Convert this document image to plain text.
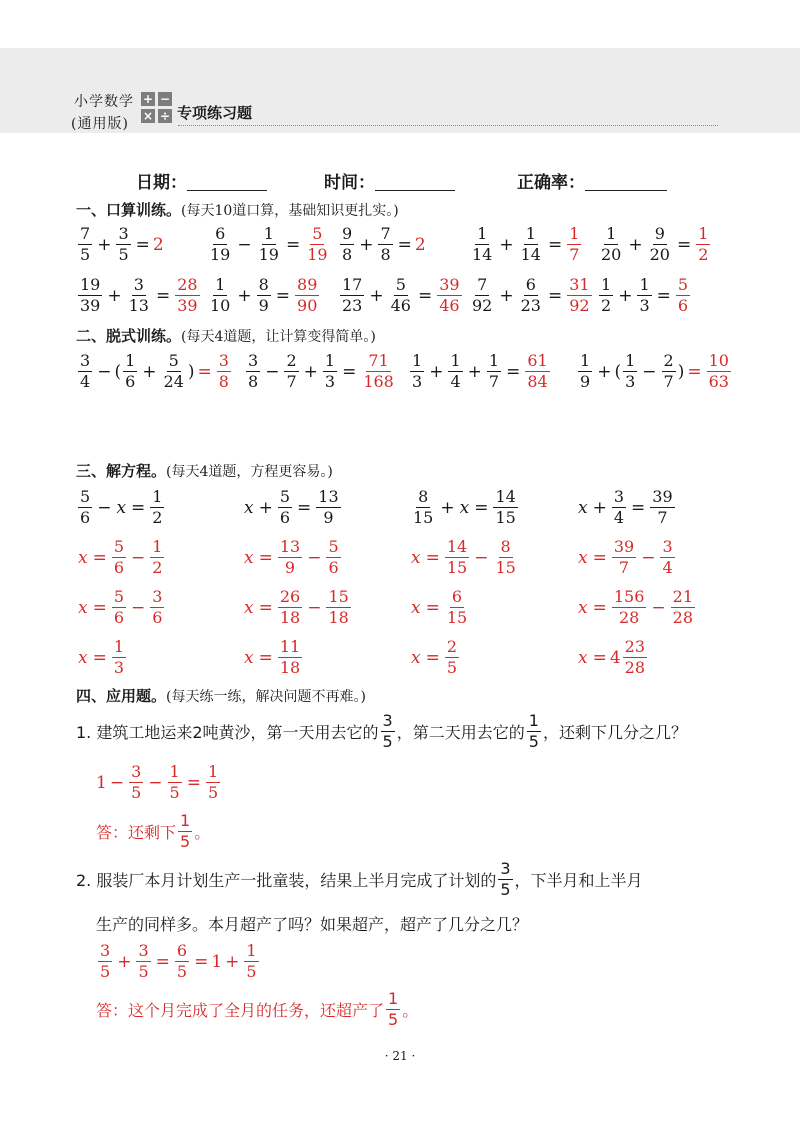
小学数学
(通用版)
+ −
× ÷ 专项练习题
日期：	时间：	正确率：
一、口算训练。(每天10道口算，基础知识更扎实。)
7
$5 + \frac{3}{5} = 2$
6
$19 - \frac{1}{19}$ =
5
19
9
$8 + \frac{7}{8} = 2$
1
$14 + \frac{1}{14}$ =
1
7
1
$20 + \frac{9}{20}$ =
1
2
19
$39 + \frac{3}{13}$ =
28
39
1
$10 + \frac{8}{9}$ =
89
90
17
$23 + \frac{5}{46}$ =
39
46
7
$92 + \frac{6}{23}$ =
31
92
1
$2 + \frac{1}{3}$ =
5
6
二、脱式训练。(每天4道题，让计算变得简单。)
3
4 − ( $\frac{1}{6} + \frac{5}{24}$ ) =
3
8
3
$8 - \frac{2}{7} + \frac{1}{3}$ =
71
168
1
$3 + \frac{1}{4} + \frac{1}{7}$ =
61
84
1
9 + ( $\frac{1}{3} - \frac{2}{7}$ ) =
10
63
三、解方程。(每天4道题，方程更容易。)
5
$6 - x = \frac{1}{2}$
$x = \frac{5}{6} - \frac{1}{2}$
$x = \frac{5}{6} - \frac{3}{6}$
$x = \frac{1}{3}$
$x + \frac{5}{6} = \frac{13}{9}$
$x = \frac{13}{9} - \frac{5}{6}$
$x = \frac{26}{18} - \frac{15}{18}$
$x = \frac{11}{18}$
8
$15 + x = \frac{14}{15}$
$x = \frac{14}{15} - \frac{8}{15}$
$x = \frac{6}{15}$
$x = \frac{2}{5}$
$x + \frac{3}{4} = \frac{39}{7}$
$x = \frac{39}{7} - \frac{3}{4}$
$x = \frac{156}{28} - \frac{21}{28}$
x = 4
23
28
四、应用题。(每天练一练，解决问题不再难。)
1. 建筑工地运来2吨黄沙，第一天用去它的
3
5 ，第二天用去它的
1
5 ，还剩下几分之几？
$1 - \frac{3}{5} - \frac{1}{5} = \frac{1}{5}$
答：还剩下
1
5 。
2. 服装厂本月计划生产一批童装，结果上半月完成了计划的
3
5 ，下半月和上半月
生产的同样多。本月超产了吗？如果超产，超产了几分之几？
3
$5 + \frac{3}{5} = \frac{6}{5} = 1 + \frac{1}{5}$
答：这个月完成了全月的任务，还超产了
1
5 。
· 21 ·
